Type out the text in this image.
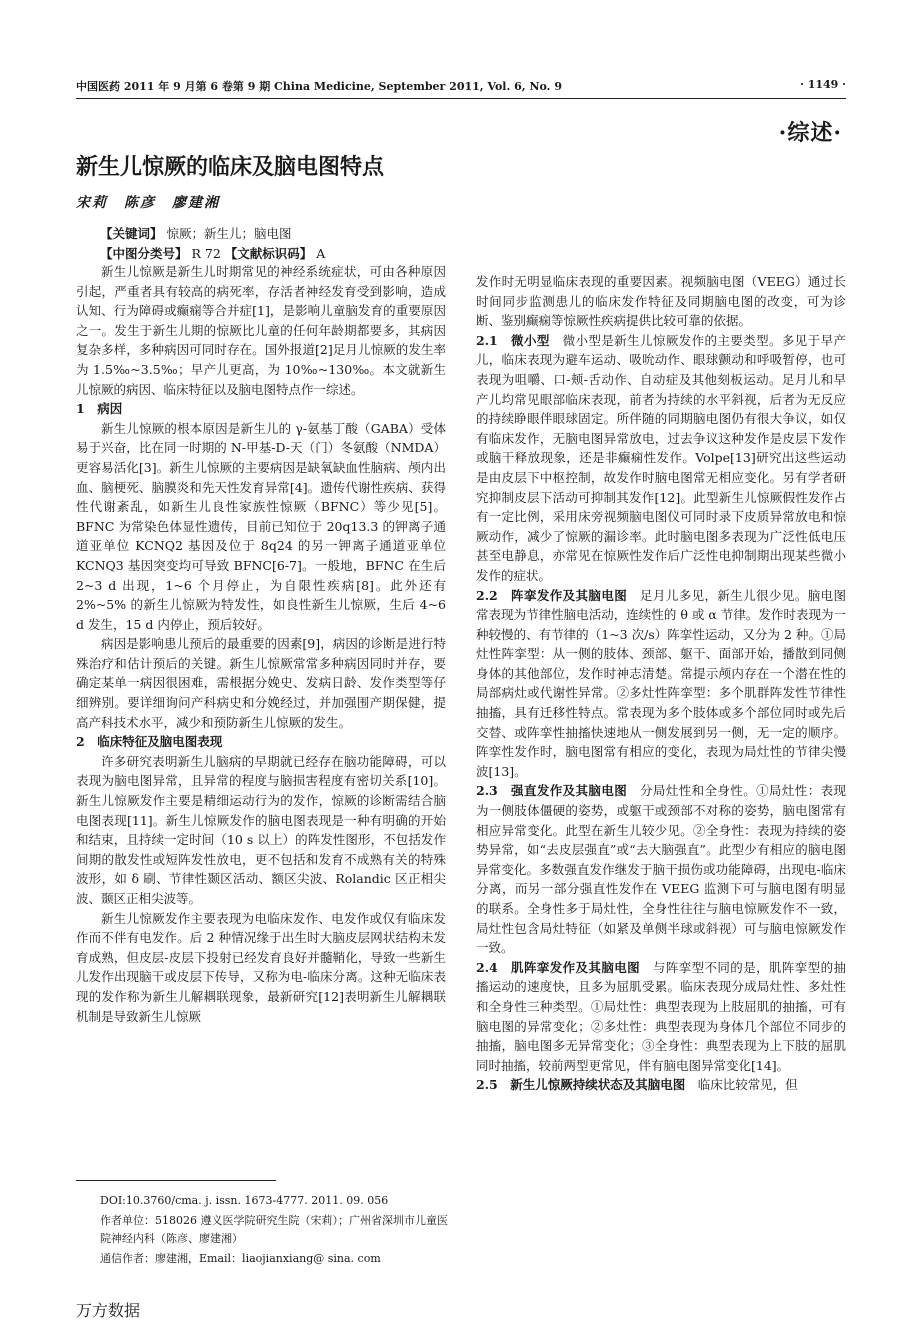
中国医药 2011 年 9 月第 6 卷第 9 期 China Medicine, September 2011, Vol. 6, No. 9	· 1149 ·
·综述·
新生儿惊厥的临床及脑电图特点
宋莉　陈彦　廖建湘
【关键词】 惊厥；新生儿；脑电图
【中图分类号】 R 72 【文献标识码】 A

新生儿惊厥是新生儿时期常见的神经系统症状，可由各种原因引起，严重者具有较高的病死率，存活者神经发育受到影响，造成认知、行为障碍或癫痫等合并症[1]，是影响儿童脑发育的重要原因之一。发生于新生儿期的惊厥比儿童的任何年龄期都要多，其病因复杂多样，多种病因可同时存在。国外报道[2]足月儿惊厥的发生率为 1.5‰~3.5‰；早产儿更高，为 10‰~130‰。本文就新生儿惊厥的病因、临床特征以及脑电图特点作一综述。

1　病因

新生儿惊厥的根本原因是新生儿的 γ-氨基丁酸（GABA）受体易于兴奋，比在同一时期的 N-甲基-D-天（门）冬氨酸（NMDA）更容易活化[3]。新生儿惊厥的主要病因是缺氧缺血性脑病、颅内出血、脑梗死、脑膜炎和先天性发育异常[4]。遗传代谢性疾病、获得性代谢紊乱，如新生儿良性家族性惊厥（BFNC）等少见[5]。BFNC 为常染色体显性遗传，目前已知位于 20q13.3 的钾离子通道亚单位 KCNQ2 基因及位于 8q24 的另一钾离子通道亚单位 KCNQ3 基因突变均可导致 BFNC[6-7]。一般地，BFNC 在生后 2~3 d 出现，1~6 个月停止，为自限性疾病[8]。此外还有 2%~5% 的新生儿惊厥为特发性，如良性新生儿惊厥，生后 4~6 d 发生，15 d 内停止，预后较好。

病因是影响患儿预后的最重要的因素[9]，病因的诊断是进行特殊治疗和估计预后的关键。新生儿惊厥常常多种病因同时并存，要确定某单一病因很困难，需根据分娩史、发病日龄、发作类型等仔细辨别。要详细询问产科病史和分娩经过，并加强围产期保健，提高产科技术水平，减少和预防新生儿惊厥的发生。

2　临床特征及脑电图表现

许多研究表明新生儿脑病的早期就已经存在脑功能障碍，可以表现为脑电图异常，且异常的程度与脑损害程度有密切关系[10]。新生儿惊厥发作主要是精细运动行为的发作，惊厥的诊断需结合脑电图表现[11]。新生儿惊厥发作的脑电图表现是一种有明确的开始和结束，且持续一定时间（10 s 以上）的阵发性图形，不包括发作间期的散发性或短阵发性放电，更不包括和发育不成熟有关的特殊波形，如 δ 刷、节律性颞区活动、额区尖波、Rolandic 区正相尖波、颞区正相尖波等。

新生儿惊厥发作主要表现为电临床发作、电发作或仅有临床发作而不伴有电发作。后 2 种情况缘于出生时大脑皮层网状结构未发育成熟，但皮层-皮层下投射已经发育良好并髓鞘化，导致一些新生儿发作出现脑干或皮层下传导，又称为电-临床分离。这种无临床表现的发作称为新生儿解耦联现象，最新研究[12]表明新生儿解耦联机制是导致新生儿惊厥

发作时无明显临床表现的重要因素。视频脑电图（VEEG）通过长时间同步监测患儿的临床发作特征及同期脑电图的改变，可为诊断、鉴别癫痫等惊厥性疾病提供比较可靠的依据。

2.1　微小型　 微小型是新生儿惊厥发作的主要类型。多见于早产儿，临床表现为避车运动、吸吮动作、眼球颤动和呼吸暂停，也可表现为咀嚼、口-颊-舌动作、自动症及其他刻板运动。足月儿和早产儿均常见眼部临床表现，前者为持续的水平斜视，后者为无反应的持续睁眼伴眼球固定。所伴随的同期脑电图仍有很大争议，如仅有临床发作，无脑电图异常放电，过去争议这种发作是皮层下发作或脑干释放现象，还是非癫痫性发作。Volpe[13]研究出这些运动是由皮层下中枢控制，故发作时脑电图常无相应变化。另有学者研究抑制皮层下活动可抑制其发作[12]。此型新生儿惊厥假性发作占有一定比例，采用床旁视频脑电图仪可同时录下皮质异常放电和惊厥动作，减少了惊厥的漏诊率。此时脑电图多表现为广泛性低电压甚至电静息，亦常见在惊厥性发作后广泛性电抑制期出现某些微小发作的症状。

2.2　阵挛发作及其脑电图　 足月儿多见，新生儿很少见。脑电图常表现为节律性脑电活动，连续性的 θ 或 α 节律。发作时表现为一种较慢的、有节律的（1~3 次/s）阵挛性运动，又分为 2 种。①局灶性阵挛型：从一侧的肢体、颈部、躯干、面部开始，播散到同侧身体的其他部位，发作时神志清楚。常提示颅内存在一个潜在性的局部病灶或代谢性异常。②多灶性阵挛型：多个肌群阵发性节律性抽搐，具有迁移性特点。常表现为多个肢体或多个部位同时或先后交替、或阵挛性抽搐快速地从一侧发展到另一侧，无一定的顺序。阵挛性发作时，脑电图常有相应的变化，表现为局灶性的节律尖慢波[13]。

2.3　强直发作及其脑电图　 分局灶性和全身性。①局灶性：表现为一侧肢体僵硬的姿势，或躯干或颈部不对称的姿势，脑电图常有相应异常变化。此型在新生儿较少见。②全身性：表现为持续的姿势异常，如“去皮层强直”或“去大脑强直”。此型少有相应的脑电图异常变化。多数强直发作继发于脑干损伤或功能障碍，出现电-临床分离，而另一部分强直性发作在 VEEG 监测下可与脑电图有明显的联系。全身性多于局灶性，全身性往往与脑电惊厥发作不一致，局灶性包含局灶特征（如紧及单侧半球或斜视）可与脑电惊厥发作一致。

2.4　肌阵挛发作及其脑电图　 与阵挛型不同的是，肌阵挛型的抽搐运动的速度快，且多为屈肌受累。临床表现分成局灶性、多灶性和全身性三种类型。①局灶性：典型表现为上肢屈肌的抽搐，可有脑电图的异常变化；②多灶性：典型表现为身体几个部位不同步的抽搐，脑电图多无异常变化；③全身性：典型表现为上下肢的屈肌同时抽搐，较前两型更常见，伴有脑电图异常变化[14]。

2.5　新生儿惊厥持续状态及其脑电图　 临床比较常见，但

DOI:10.3760/cma. j. issn. 1673-4777. 2011. 09. 056
作者单位：518026 遵义医学院研究生院（宋莉）；广州省深圳市儿童医院神经内科（陈彦、廖建湘）
通信作者：廖建湘，Email：liaojianxiang@ sina. com
万方数据
